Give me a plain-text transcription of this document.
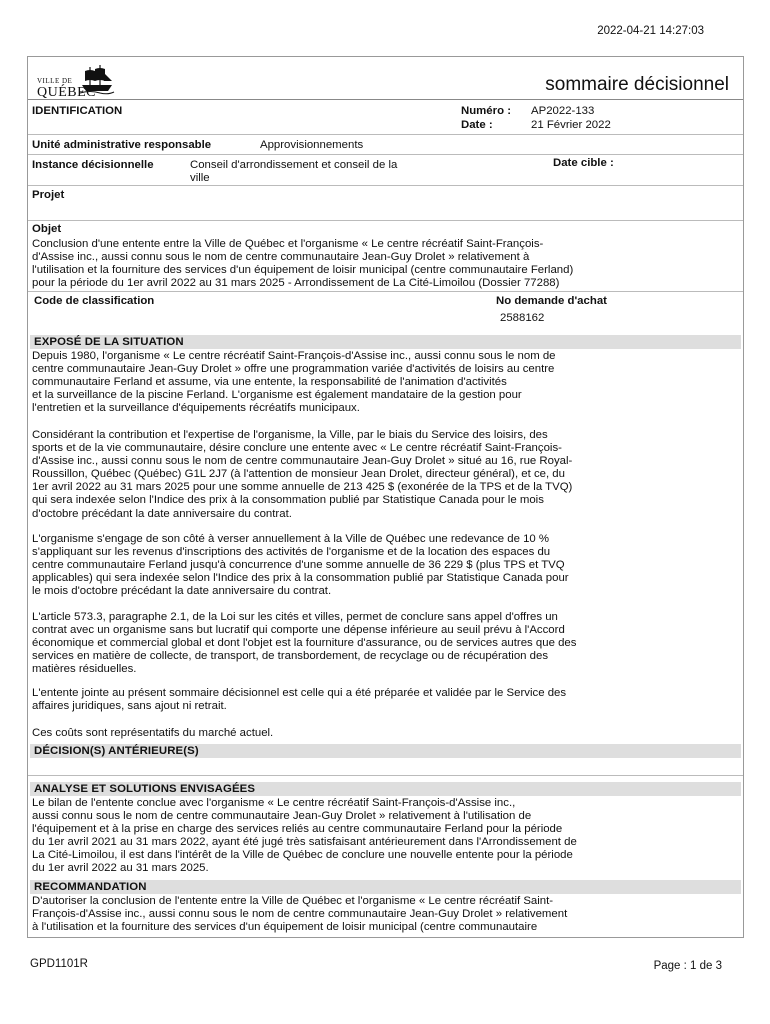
2022-04-21 14:27:03
VILLE DE
QUÉBEC	sommaire décisionnel
IDENTIFICATION	Numéro : AP2022-133
Date :	21 Février 2022
Unité administrative responsable	Approvisionnements
Instance décisionnelle	Conseil d'arrondissement et conseil de la
ville
Date cible :
Projet
Objet
Conclusion d'une entente entre la Ville de Québec et l'organisme « Le centre récréatif Saint-François-
d'Assise inc., aussi connu sous le nom de centre communautaire Jean-Guy Drolet » relativement à
l'utilisation et la fourniture des services d'un équipement de loisir municipal (centre communautaire Ferland)
pour la période du 1er avril 2022 au 31 mars 2025 - Arrondissement de La Cité-Limoilou (Dossier 77288)
Code de classification	No demande d'achat
2588162
EXPOSÉ DE LA SITUATION
Depuis 1980, l'organisme « Le centre récréatif Saint-François-d'Assise inc., aussi connu sous le nom de
centre communautaire Jean-Guy Drolet » offre une programmation variée d'activités de loisirs au centre
communautaire Ferland et assume, via une entente, la responsabilité de l'animation d'activités
et la surveillance de la piscine Ferland. L'organisme est également mandataire de la gestion pour
l'entretien et la surveillance d'équipements récréatifs municipaux.
Considérant la contribution et l'expertise de l'organisme, la Ville, par le biais du Service des loisirs, des
sports et de la vie communautaire, désire conclure une entente avec « Le centre récréatif Saint-François-
d'Assise inc., aussi connu sous le nom de centre communautaire Jean-Guy Drolet » situé au 16, rue Royal-
Roussillon, Québec (Québec) G1L 2J7 (à l'attention de monsieur Jean Drolet, directeur général), et ce, du
1er avril 2022 au 31 mars 2025 pour une somme annuelle de 213 425 $ (exonérée de la TPS et de la TVQ)
qui sera indexée selon l'Indice des prix à la consommation publié par Statistique Canada pour le mois
d'octobre précédant la date anniversaire du contrat.
L'organisme s'engage de son côté à verser annuellement à la Ville de Québec une redevance de 10 %
s'appliquant sur les revenus d'inscriptions des activités de l'organisme et de la location des espaces du
centre communautaire Ferland jusqu'à concurrence d'une somme annuelle de 36 229 $ (plus TPS et TVQ
applicables) qui sera indexée selon l'Indice des prix à la consommation publié par Statistique Canada pour
le mois d'octobre précédant la date anniversaire du contrat.
L'article 573.3, paragraphe 2.1, de la Loi sur les cités et villes, permet de conclure sans appel d'offres un
contrat avec un organisme sans but lucratif qui comporte une dépense inférieure au seuil prévu à l'Accord
économique et commercial global et dont l'objet est la fourniture d'assurance, ou de services autres que des
services en matière de collecte, de transport, de transbordement, de recyclage ou de récupération des
matières résiduelles.
L'entente jointe au présent sommaire décisionnel est celle qui a été préparée et validée par le Service des
affaires juridiques, sans ajout ni retrait.
Ces coûts sont représentatifs du marché actuel.
DÉCISION(S) ANTÉRIEURE(S)
ANALYSE ET SOLUTIONS ENVISAGÉES
Le bilan de l'entente conclue avec l'organisme « Le centre récréatif Saint-François-d'Assise inc.,
aussi connu sous le nom de centre communautaire Jean-Guy Drolet » relativement à l'utilisation de
l'équipement et à la prise en charge des services reliés au centre communautaire Ferland pour la période
du 1er avril 2021 au 31 mars 2022, ayant été jugé très satisfaisant antérieurement dans l'Arrondissement de
La Cité-Limoilou, il est dans l'intérêt de la Ville de Québec de conclure une nouvelle entente pour la période
du 1er avril 2022 au 31 mars 2025.
RECOMMANDATION
D'autoriser la conclusion de l'entente entre la Ville de Québec et l'organisme « Le centre récréatif Saint-
François-d'Assise inc., aussi connu sous le nom de centre communautaire Jean-Guy Drolet » relativement
à l'utilisation et la fourniture des services d'un équipement de loisir municipal (centre communautaire
GPD1101R	Page : 1 de 3
